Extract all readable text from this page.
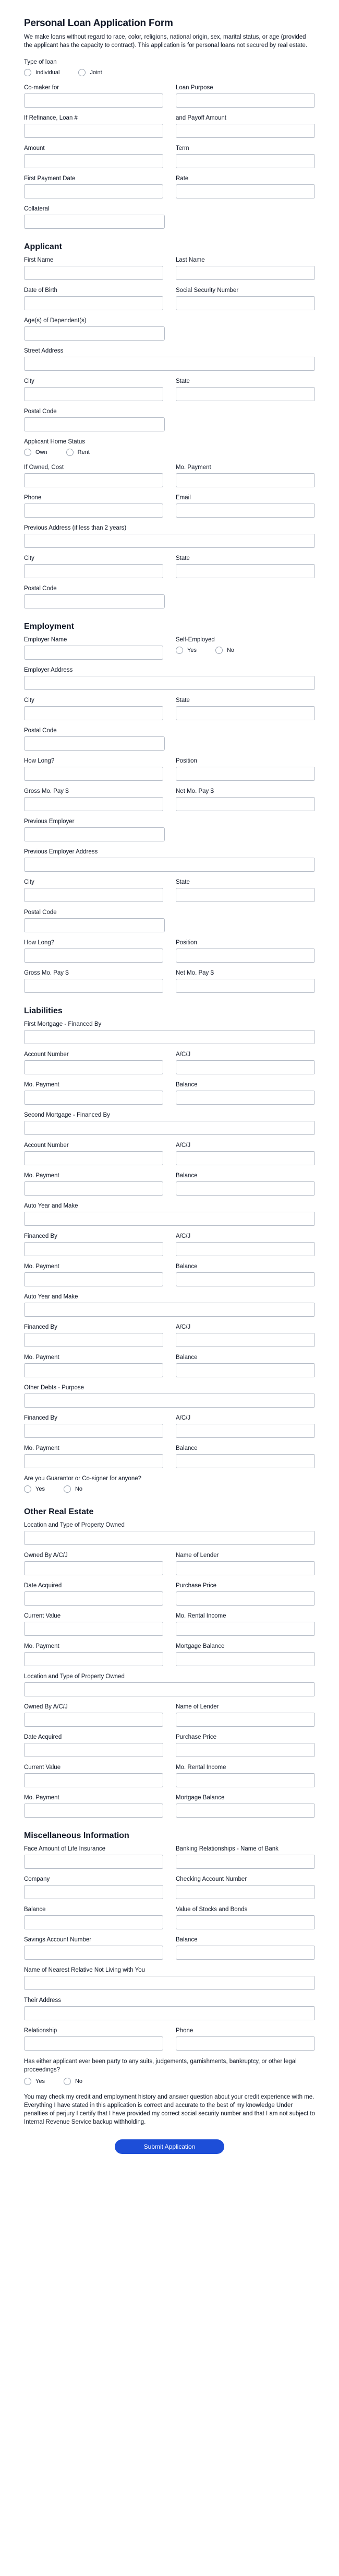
Personal Loan Application Form

We make loans without regard to race, color, religions, national origin, sex, marital status, or age (provided the applicant has the capacity to contract). This application is for personal loans not secured by real estate.

Type of loan
Individual	Joint
Co-maker for	Loan Purpose
If Refinance, Loan #	and Payoff Amount
Amount	Term
First Payment Date	Rate
Collateral
Applicant
First Name	Last Name
Date of Birth	Social Security Number
Age(s) of Dependent(s)
Street Address
City	State
Postal Code
Applicant Home Status
Own	Rent
If Owned, Cost	Mo. Payment
Phone	Email
Previous Address (if less than 2 years)
City	State
Postal Code
Employment
Employer Name	Self-Employed
Yes	No
Employer Address
City	State
Postal Code
How Long?	Position
Gross Mo. Pay $	Net Mo. Pay $
Previous Employer
Previous Employer Address
City	State
Postal Code
How Long?	Position
Gross Mo. Pay $	Net Mo. Pay $
Liabilities
First Mortgage - Financed By
Account Number	A/C/J
Mo. Payment	Balance
Second Mortgage - Financed By
Account Number	A/C/J
Mo. Payment	Balance
Auto Year and Make
Financed By	A/C/J
Mo. Payment	Balance
Auto Year and Make
Financed By	A/C/J
Mo. Payment	Balance
Other Debts - Purpose
Financed By	A/C/J
Mo. Payment	Balance
Are you Guarantor or Co-signer for anyone?
Yes	No
Other Real Estate
Location and Type of Property Owned
Owned By A/C/J	Name of Lender
Date Acquired	Purchase Price
Current Value	Mo. Rental Income
Mo. Payment	Mortgage Balance
Location and Type of Property Owned
Owned By A/C/J	Name of Lender
Date Acquired	Purchase Price
Current Value	Mo. Rental Income
Mo. Payment	Mortgage Balance
Miscellaneous Information
Face Amount of Life Insurance	Banking Relationships - Name of Bank
Company	Checking Account Number
Balance	Value of Stocks and Bonds
Savings Account Number	Balance
Name of Nearest Relative Not Living with You
Their Address
Relationship	Phone
Has either applicant ever been party to any suits, judgements, garnishments, bankruptcy, or other legal proceedings?
Yes	No

You may check my credit and employment history and answer question about your credit experience with me. Everything I have stated in this application is correct and accurate to the best of my knowledge Under penalties of perjury I certify that I have provided my correct social security number and that I am not subject to Internal Revenue Service backup withholding.

Submit Application
